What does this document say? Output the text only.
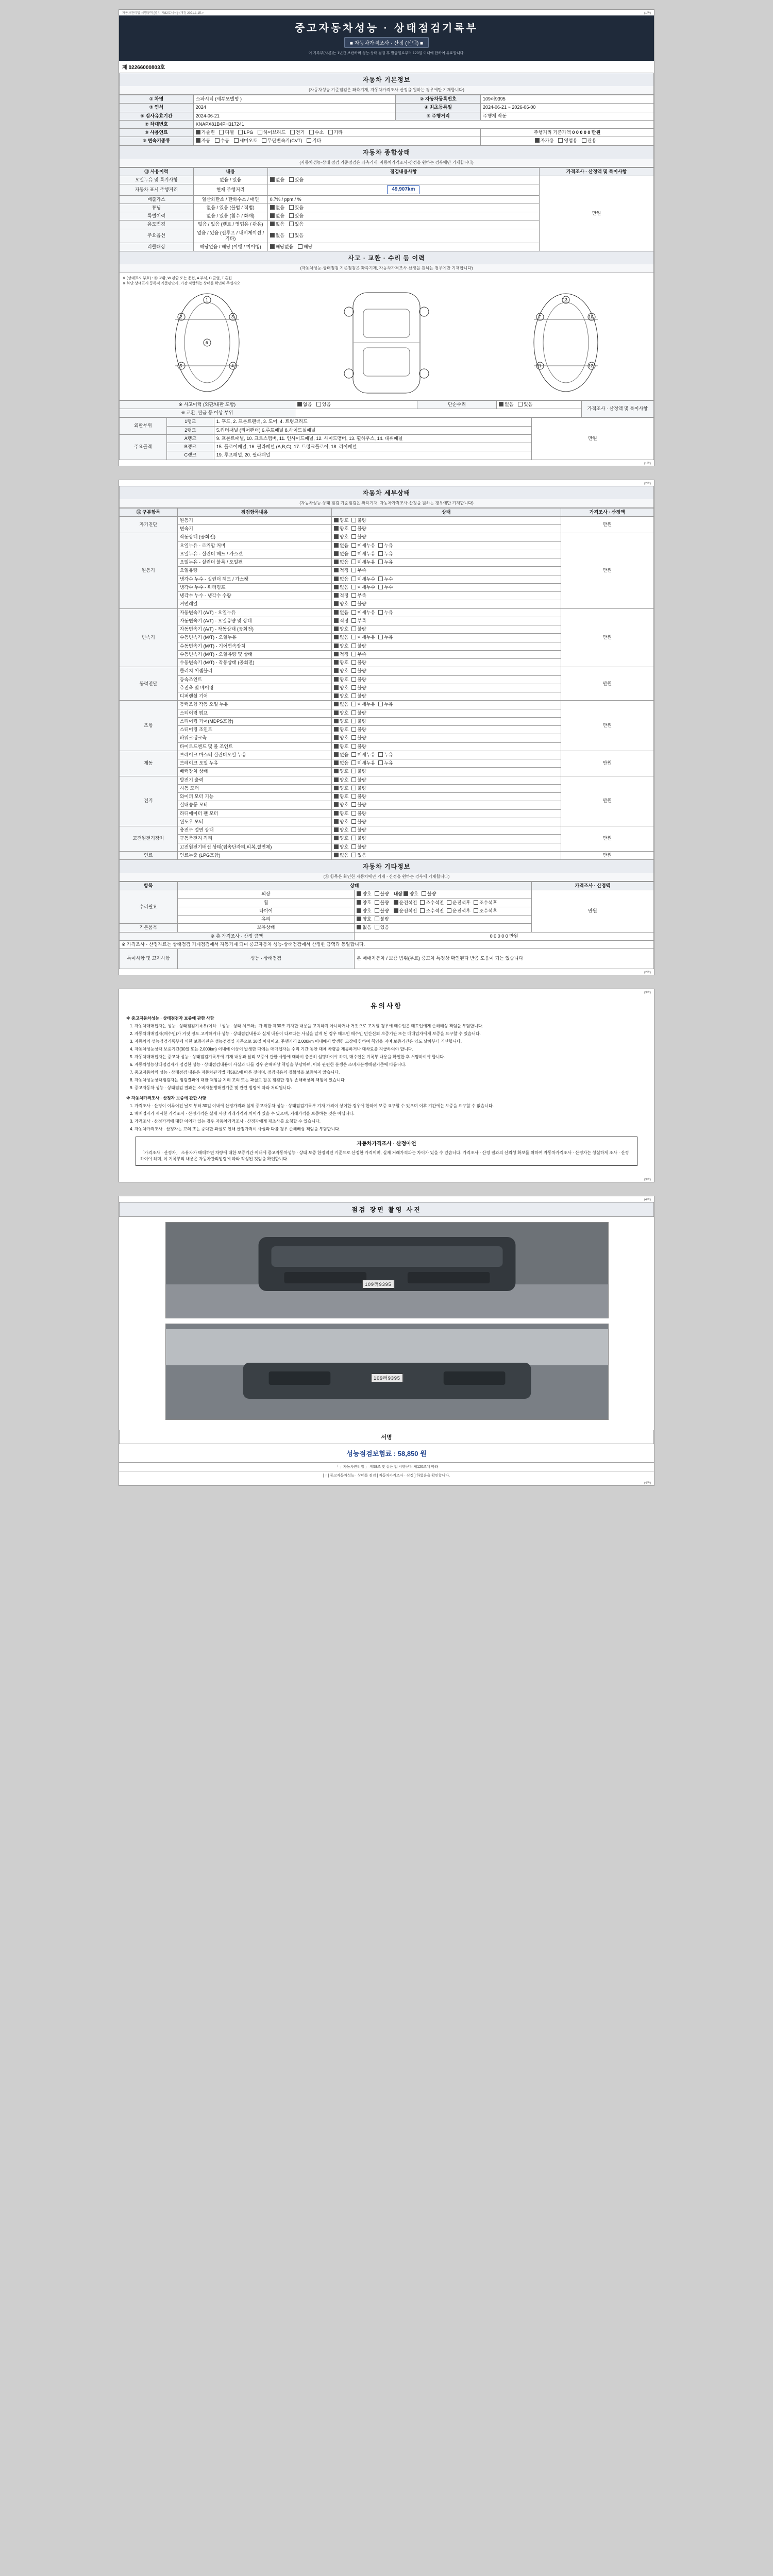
자동차관리법 시행규칙 [별지 제82호서식] <개정 2021.1.15.>	(1쪽)
중고자동차성능 · 상태점검기록부
■ 자동차가격조사 · 산정 (선택) ■
이 기록부(사본)는 1년간 보관하며 성능·상태 점검 후 발급일로부터 120일 이내에 한하여 유효합니다.
제 02266000803호
자동차 기본정보
(자동차성능 기준점검은 좌측기재, 자동차가격조사·산정을 원하는 경우에만 기재합니다)
① 차명	스파시티 (세부모델명 )	② 자동차등록번호	109러9395
③ 연식	2024	④ 최초등록일	2024-06-21 ~ 2026-06-00
⑤ 검사유효기간	2024-06-21	⑥ 주행거리	주행계 작동
⑦ 차대번호	KNAPX81B4PH317241		
⑧ 사용연료	가솔린 디젤 LPG 하이브리드 전기 수소 기타		주행거리 기준가액 0 0 0 0 0 만원
⑨ 변속기종류	자동 수동 세미오토 무단변속기(CVT) 기타		자가용 영업용 관용
자동차 종합상태
(자동차성능·상태 점검 기준점검은 좌측기재, 자동차가격조사·산정을 원하는 경우에만 기재합니다)
⑪ 사용이력	내용	점검내용사항	가격조사 · 산정액 및 특이사항
오일누유 및 특기사항	없음 / 있음	없음 있음	만원

자동차 표시 주행거리	현재 주행거리	49,907km	
배출가스	일산화탄소 / 탄화수소 / 매연	0.7% / ppm / %	
튜닝	없음 / 있음 (불법 / 적법)	없음 있음	
특별이력	없음 / 있음 (침수 / 화재)	없음 있음	
용도변경	없음 / 있음 (렌트 / 영업용 / 관용)	없음 있음	
주요옵션	없음 / 있음 (선루프 / 내비게이션 / 기타)	없음 있음	
리콜대상	해당없음 / 해당 (이행 / 미이행)	해당없음 해당	
사고 · 교환 · 수리 등 이력
(자동차성능·상태점검 기준점검은 좌측기재, 자동차가격조사·산정을 원하는 경우에만 기재합니다)
※ (상태표시 부호) : ⓧ 교환, W 판금 또는 용접, A 부식, C 균열, T 흠집
※ 하단 상태표시 등록적 기준판단시, 가장 적합하는 상태를 확인해 주십시오
2	3
5	4
1
6
7	10
11	12
13
※ 사고이력 (외판/내판 포함)	없음 있음	단순수리	없음 있음	가격조사 · 산정액 및 특이사항
※ 교환, 판금 등 이상 부위				
외판부위	1랭크	1. 후드, 2. 프론트팬더, 3. 도어, 4. 트렁크리드	만원
	2랭크	5.쿼터패널 (리어팬더) 6.루프패널 8.사이드실패널	
주요골격	A랭크	9. 프론트패널, 10. 크로스맴버, 11. 인사이드패널, 12. 사이드맴버, 13. 휠하우스, 14. 대쉬패널	
	B랭크	15. 플로어패널, 16. 필라패널 (A,B,C), 17. 트렁크플로어, 18. 리어패널	
	C랭크	19. 루프패널, 20. 필라패널	
(1쪽)
(2쪽)
자동차 세부상태
(자동차성능·상태 점검 기준점검은 좌측기재, 자동차가격조사·산정을 원하는 경우에만 기재합니다)
⑫ 구분항목	점검항목내용	상태	가격조사 · 산정액
자기진단	원동기	양호 불량	만원
	변속기	양호 불량	
원동기	작동상태 (공회전)	양호 불량	만원
	오일누유 - 로커암 커버	없음 미세누유 누유	
	오일누유 - 실린더 헤드 / 가스켓	없음 미세누유 누유	
	오일누유 - 실린더 블록 / 오일팬	없음 미세누유 누유	
	오일유량	적정 부족	
	냉각수 누수 - 실린더 헤드 / 가스켓	없음 미세누수 누수	
	냉각수 누수 - 워터펌프	없음 미세누수 누수	
	냉각수 누수 - 냉각수 수량	적정 부족	
	커먼레일	양호 불량	
변속기	자동변속기 (A/T) - 오일누유	없음 미세누유 누유	만원
	자동변속기 (A/T) - 오일유량 및 상태	적정 부족	
	자동변속기 (A/T) - 작동상태 (공회전)	양호 불량	
	수동변속기 (M/T) - 오일누유	없음 미세누유 누유	
	수동변속기 (M/T) - 기어변속장치	양호 불량	
	수동변속기 (M/T) - 오일유량 및 상태	적정 부족	
	수동변속기 (M/T) - 작동상태 (공회전)	양호 불량	
동력전달	클러치 어셈블리	양호 불량	만원
	등속조인트	양호 불량	
	추진축 및 베어링	양호 불량	
	디퍼렌셜 기어	양호 불량	
조향	동력조향 작동 오일 누유	없음 미세누유 누유	만원
	스티어링 펌프	양호 불량	
	스티어링 기어(MDPS포함)	양호 불량	
	스티어링 조인트	양호 불량	
	파워크랭크축	양호 불량	
	타이로드엔드 및 볼 조인트	양호 불량	
제동	브레이크 마스터 실린더오일 누유	없음 미세누유 누유	만원
	브레이크 오일 누유	없음 미세누유 누유	
	배력장치 상태	양호 불량	
전기	발전기 출력	양호 불량	만원
	시동 모터	양호 불량	
	와이퍼 모터 기능	양호 불량	
	실내송풍 모터	양호 불량	
	라디에이터 팬 모터	양호 불량	
	윈도우 모터	양호 불량	
고전원전기장치	충전구 절연 상태	양호 불량	만원
	구동축전지 격리	양호 불량	
	고전원전기배선 상태(접속단자의,피복,절연체)	양호 불량	
연료	연료누출 (LPG포함)	없음 있음	만원
자동차 기타정보
(⑬ 항목은 확인한 자동차에만 기재 · 산정을 원하는 경우에 기재합니다)
항목	상태		가격조사 · 산정액
수리필요	외장	양호 불량 내장 양호 불량	만원
	휠	양호 불량 운전석전 조수석전 운전석후 조수석후	
	타이어	양호 불량 운전석전 조수석전 운전석후 조수석후	
	유리	양호 불량	
기본품목	보유상태	없음 있음	
※ 총 가격조사 · 산정 금액		0 0 0 0 0 만원	
※ 가격조사 · 산정자료는 상태점검 기재점검에서 자동기재 되며 중고자동차 성능·상태점검에서 산정한 금액과 동일합니다.			
특이사항 및 고지사항	성능 · 상태점검	본 매매자동차 / 보증 범위(무료) 중고차 특정상 확인된다 반응 도움이 되는 있습니다	
(2쪽)
(3쪽)
유의사항

※ 중고자동차성능 · 상태점검자 보증에 관한 사항

1. 자동차매매업자는 성능 · 상태점검기록부(이하 「성능 · 상태 체크와」가 위한 제30조 기재한 내용을 고지하지 아니하거나 거짓으로 고지할 경우에 매수인은 매도인에게 손해배상 책임을 부담합니다.
2. 자동차매매업자(매수인)가 거짓 정도 고지하거나 성능 · 상태점검내용과 실제 내용이 다르다는 사실을 알게 된 경우 매도인 매수인 민간신뢰 보증기관 또는 매매업자에게 보증을 요구할 수 있습니다.
3. 자동차의 성능점검기록부에 의한 보증기관은 성능점검일 기준으로 30일 이내이고, 주행거리 2,000km 이내에서 발생한 고장에 한하여 책임을 지며 보증기간은 양도 날짜부터 기산합니다.
4. 자동차성능상태 보증기간(30일 또는 2,000km) 이내에 이상이 발생한 때에는 매매업자는 수리 기간 동안 대체 차량을 제공하거나 대차료를 지급하여야 합니다.
5. 자동차매매업자는 중고차 성능 · 상태점검기록부에 기재 내용과 달리 보증에 관한 사항에 대하여 충분히 설명하여야 하며, 매수인은 기록부 내용을 확인한 후 서명하여야 합니다.
6. 자동차성능상태점검자가 점검한 성능 · 상태점검내용이 사실과 다를 경우 손해배상 책임을 부담하며, 이와 관련한 분쟁은 소비자분쟁해결기준에 따릅니다.
7. 중고자동차의 성능 · 상태점검 내용은 자동차관리법 제58조에 따른 것이며, 점검내용의 정확성을 보증하지 않습니다.
8. 자동차성능상태점검자는 점검결과에 대한 책임을 지며 고의 또는 과실로 잘못 점검한 경우 손해배상의 책임이 있습니다.
9. 중고자동차 성능 · 상태점검 결과는 소비자분쟁해결기준 및 관련 법령에 따라 처리됩니다.

※ 자동차가격조사 · 산정자 보증에 관한 사항

1. 가격조사 · 산정이 이루어진 날로 부터 30일 이내에 산정가격과 실제 중고자동차 성능 · 상태점검기록부 기재 가격이 상이한 경우에 한하여 보증 요구할 수 있으며 이후 기간에는 보증을 요구할 수 없습니다.
2. 매매업자가 제시한 가격조사 · 산정가격은 실제 시장 거래가격과 차이가 있을 수 있으며, 거래가격을 보증하는 것은 아닙니다.
3. 가격조사 · 산정가격에 대한 이의가 있는 경우 자동차가격조사 · 산정자에게 재조사를 요청할 수 있습니다.
4. 자동차가격조사 · 산정자는 고의 또는 중대한 과실로 인해 산정가격이 사실과 다를 경우 손해배상 책임을 부담합니다.
자동차가격조사 · 산정아언
「가격조사 · 산정자」 소유자가 매매하면 차량에 대한 보증기간 이내에 중고자동차성능 · 상태 보증 한정적인 기준으로 산정한 가격이며, 실제 거래가격과는 차이가 있을 수 있습니다. 가격조사 · 산정 결과의 신뢰성 확보를 위하여 자동차가격조사 · 산정자는 성실하게 조사 · 산정하여야 하며, 이 기록부의 내용은 자동차관리법령에 따라 작성된 것임을 확인합니다.
(3쪽)
(4쪽)
점검 장면 촬영 사진
109러9395
109러9395
서명
성능점검보험료 : 58,850 원
「 」자동차관리법 」 제58조 및 같은 법 시행규칙 제120조에 따라
[ ↑ ] 중고자동차성능 · 상태를 점검 [ 자동차가격조사 · 산정 ] 하였음을 확인합니다.
(4쪽)
